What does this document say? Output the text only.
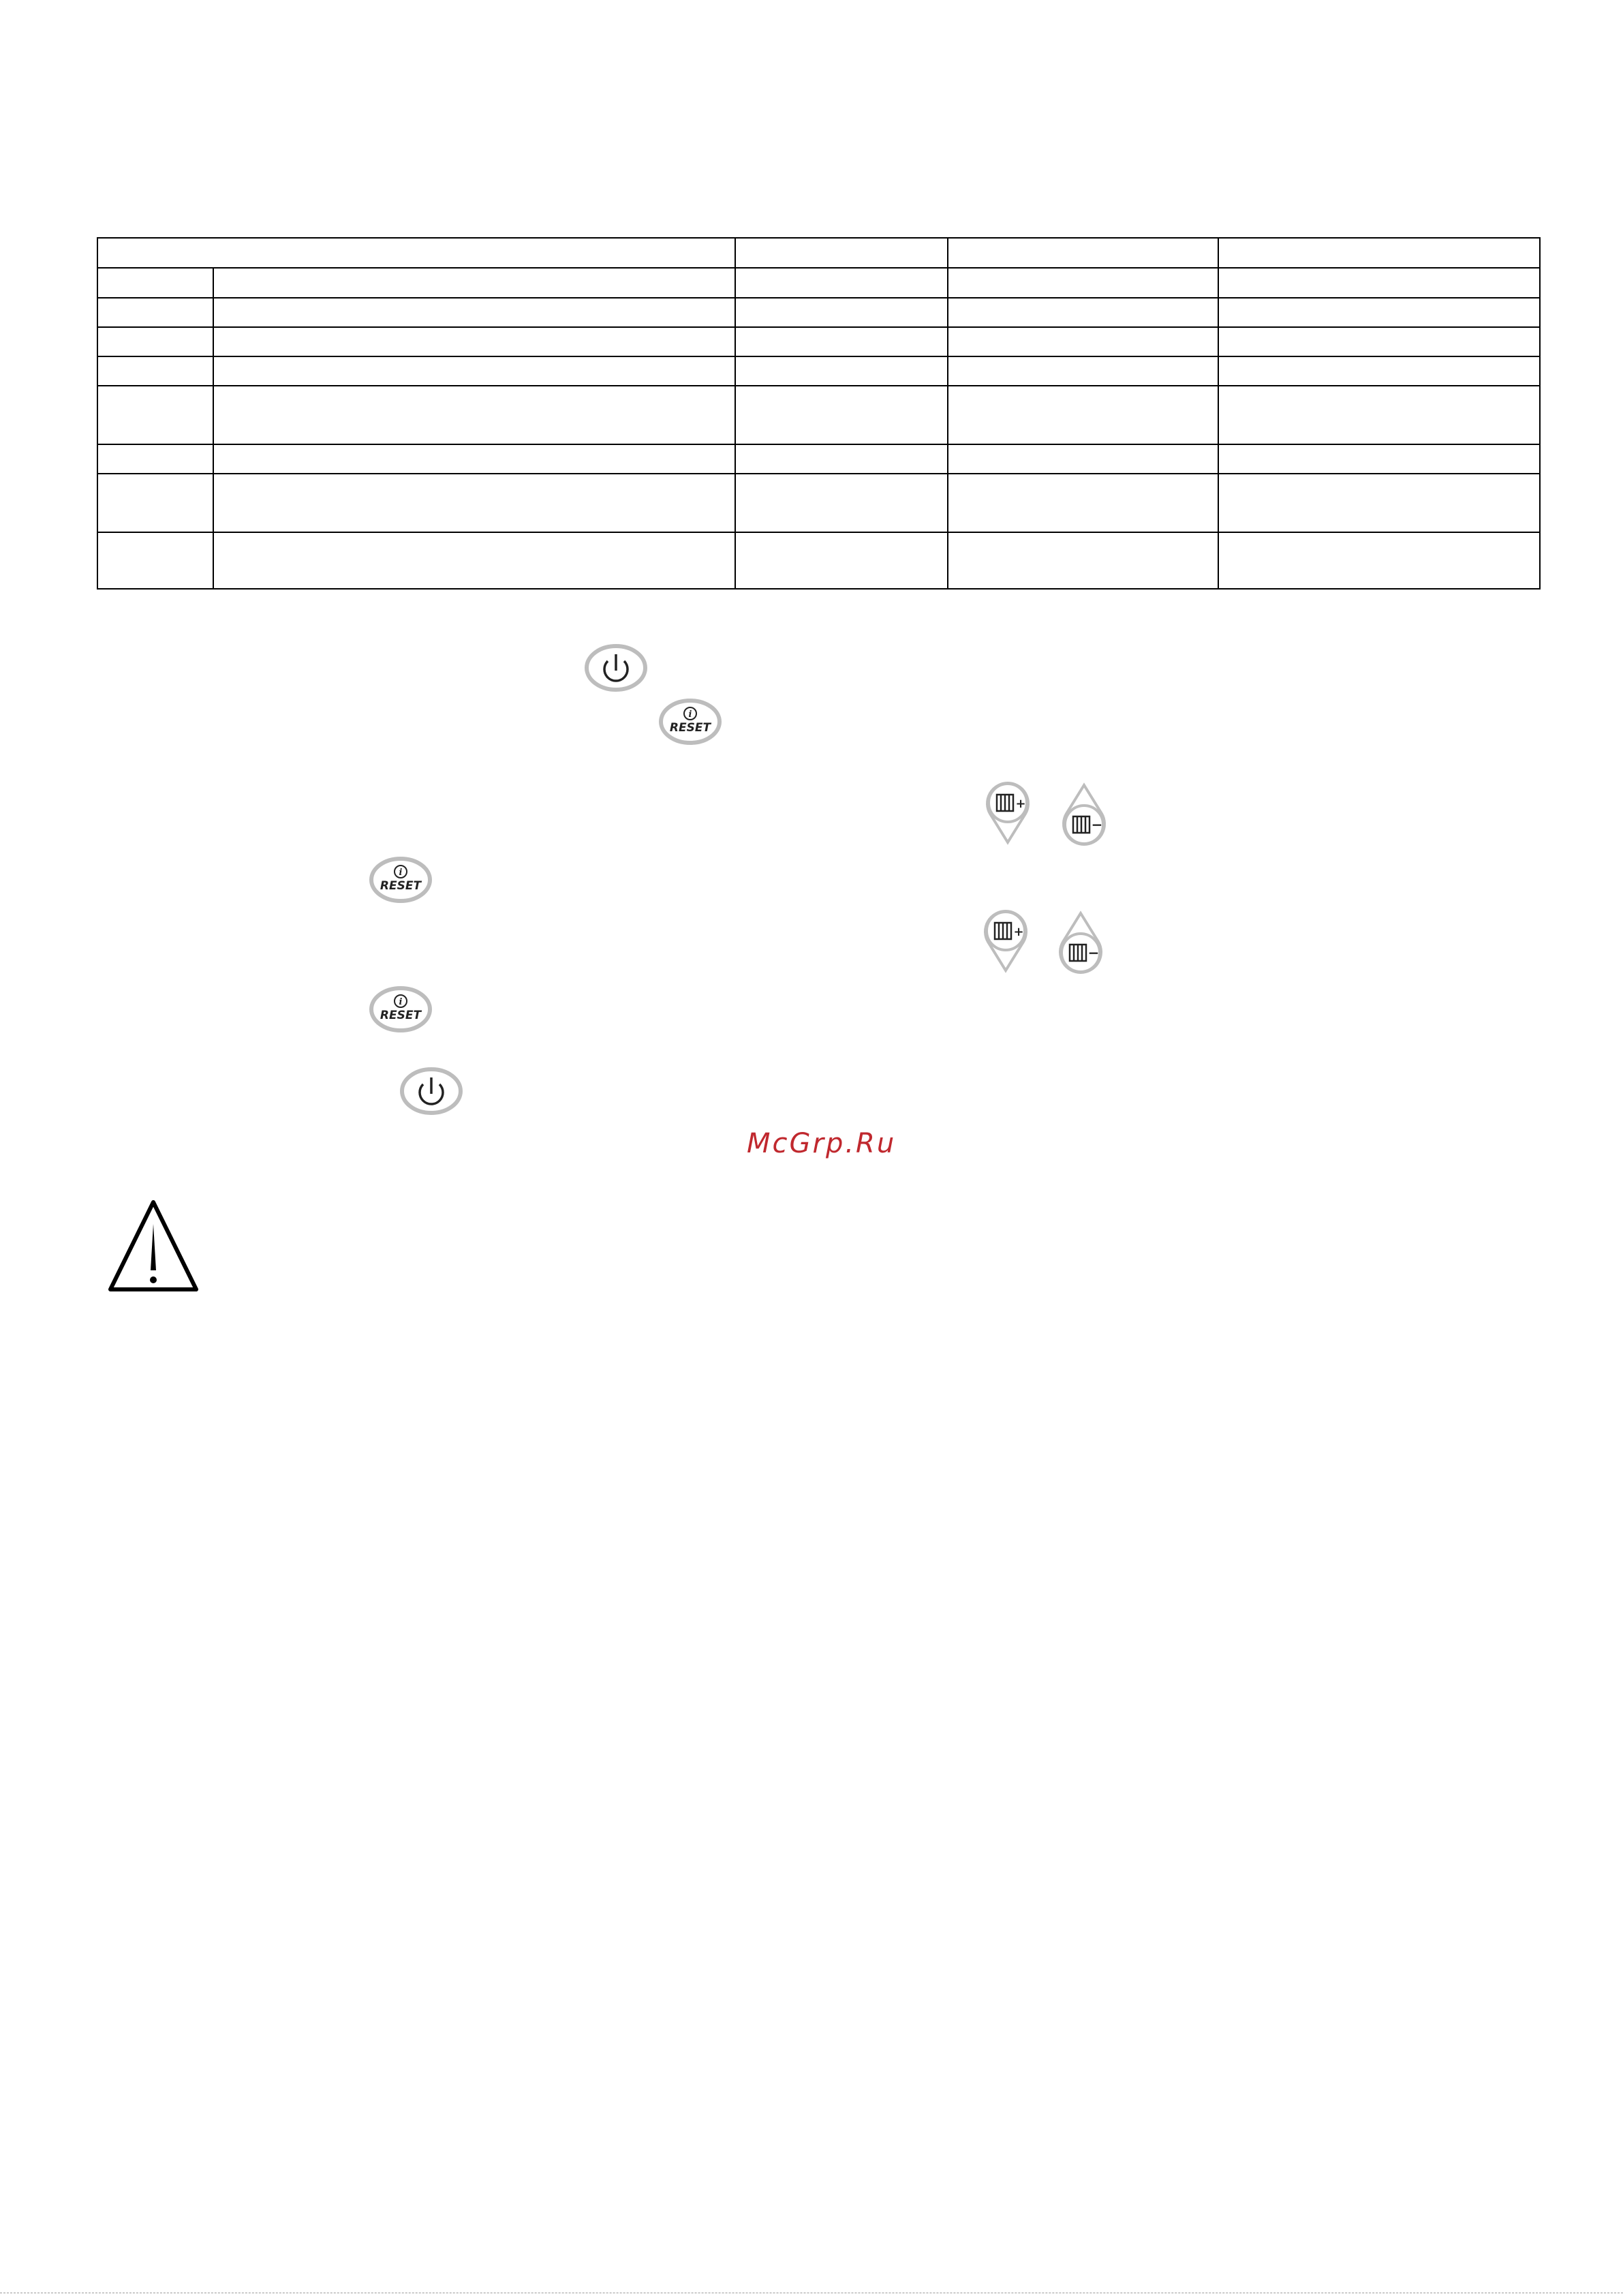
i
RESET
+
−
i
RESET
+
−
i
RESET
McGrp.Ru
